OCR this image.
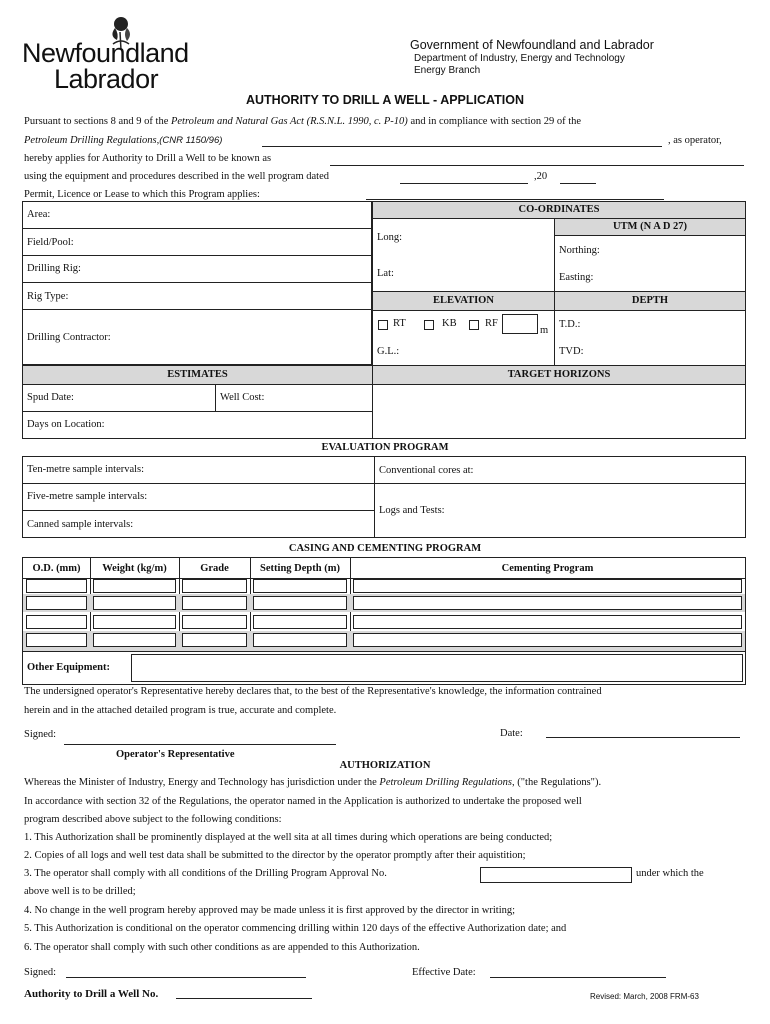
Newfoundland
Labrador
Government of Newfoundland and Labrador
Department of Industry, Energy and Technology
Energy Branch
AUTHORITY TO DRILL A WELL - APPLICATION

Pursuant to sections 8 and 9 of the Petroleum and Natural Gas Act (R.S.N.L. 1990, c. P-10) and in compliance with section 29 of the

Petroleum Drilling Regulations,(CNR 1150/96)	, as operator,
hereby applies for Authority to Drill a Well to be known as
using the equipment and procedures described in the well program dated	,20
Permit, Licence or Lease to which this Program applies:
Area:
Field/Pool:
Drilling Rig:
Rig Type:
Drilling Contractor:
CO-ORDINATES
Long:
Lat:
UTM (N A D 27)
Northing:
Easting:
ELEVATION	DEPTH
RT	KB	RF
m
G.L.:
T.D.:
TVD:
ESTIMATES	TARGET HORIZONS
Spud Date:	Well Cost:
Days on Location:
EVALUATION PROGRAM
Ten-metre sample intervals:	Conventional cores at:
Five-metre sample intervals:
Canned sample intervals:
Logs and Tests:
CASING AND CEMENTING PROGRAM
O.D. (mm)	Weight (kg/m)	Grade	Setting Depth (m)	Cementing Program
Other Equipment:
The undersigned operator's Representative hereby declares that, to the best of the Representative's knowledge, the information contrained
herein and in the attached detailed program is true, accurate and complete.
Signed:	Date:
Operator's Representative
AUTHORIZATION

Whereas the Minister of Industry, Energy and Technology has jurisdiction under the Petroleum Drilling Regulations, ("the Regulations").

In accordance with section 32 of the Regulations, the operator named in the Application is authorized to undertake the proposed well
program described above subject to the following conditions:
1. This Authorization shall be prominently displayed at the well sita at all times during which operations are being conducted;
2. Copies of all logs and well test data shall be submitted to the director by the operator promptly after their aquistition;
3. The operator shall comply with all conditions of the Drilling Program Approval No.	under which the
above well is to be drilled;
4. No change in the well program hereby approved may be made unless it is first approved by the director in writing;
5. This Authorization is conditional on the operator commencing drilling within 120 days of the effective Authorization date; and
6. The operator shall comply with such other conditions as are appended to this Authorization.
Signed:	Effective Date:
Authority to Drill a Well No.	Revised: March, 2008 FRM-63
